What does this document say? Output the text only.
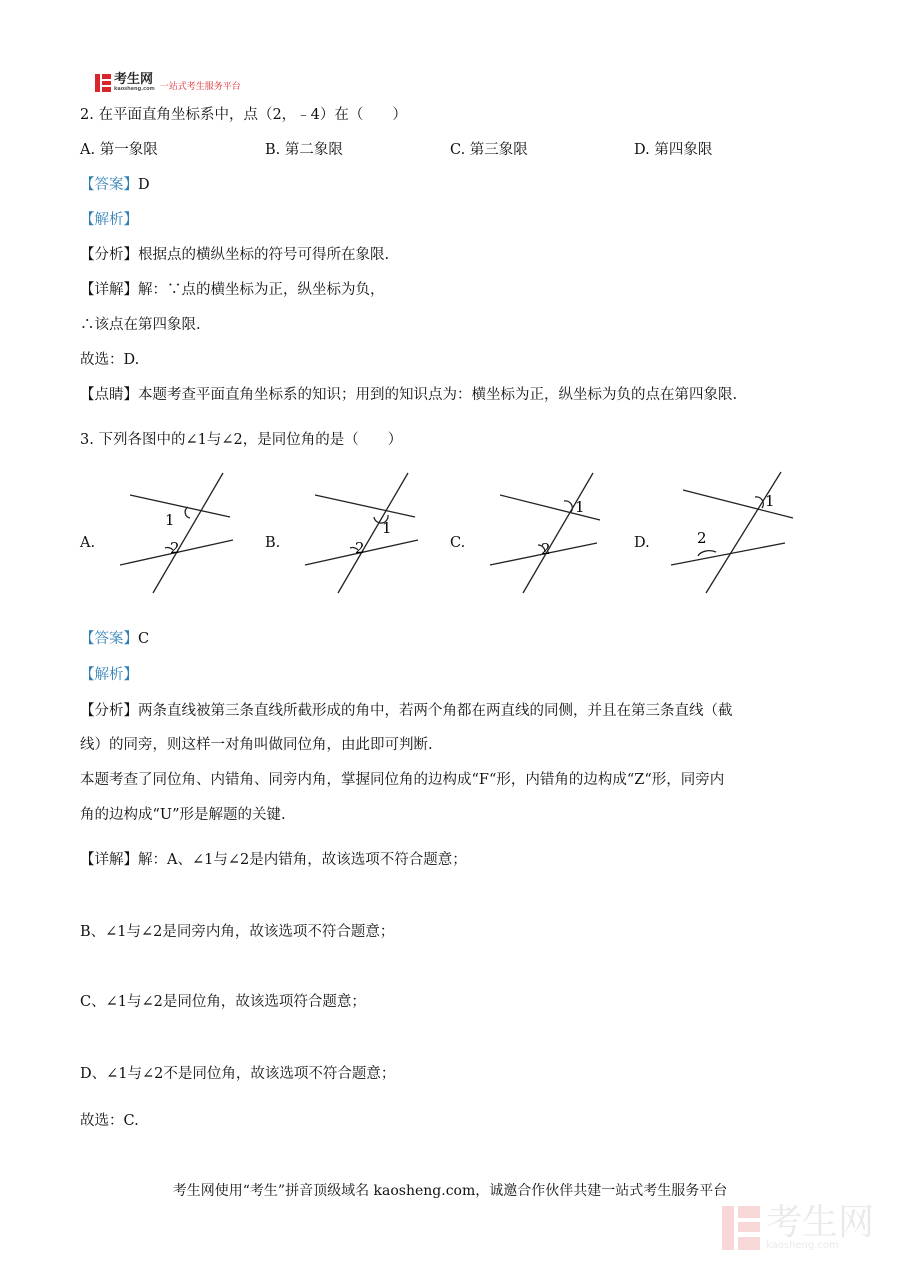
考生网
kaosheng.com 一站式考生服务平台
2. 在平面直角坐标系中，点（2，﹣4）在（　　）
A. 第一象限	B. 第二象限	C. 第三象限	D. 第四象限
【答案】D
【解析】
【分析】根据点的横纵坐标的符号可得所在象限.
【详解】解：∵点的横坐标为正，纵坐标为负，
∴该点在第四象限.
故选：D.
【点睛】本题考查平面直角坐标系的知识；用到的知识点为：横坐标为正，纵坐标为负的点在第四象限.
3. 下列各图中的∠1与∠2，是同位角的是（　　）
A.
1
2	B.
1
2	C.
1
2	D.
1
2
【答案】C
【解析】
【分析】两条直线被第三条直线所截形成的角中，若两个角都在两直线的同侧，并且在第三条直线（截
线）的同旁，则这样一对角叫做同位角，由此即可判断.
本题考查了同位角、内错角、同旁内角，掌握同位角的边构成“F“形，内错角的边构成“Z“形，同旁内
角的边构成“U”形是解题的关键.
【详解】解：A、∠1与∠2是内错角，故该选项不符合题意；
B、∠1与∠2是同旁内角，故该选项不符合题意；
C、∠1与∠2是同位角，故该选项符合题意；
D、∠1与∠2不是同位角，故该选项不符合题意；
故选：C.
考生网使用“考生”拼音顶级域名 kaosheng.com，诚邀合作伙伴共建一站式考生服务平台
考生网
kaosheng.com
